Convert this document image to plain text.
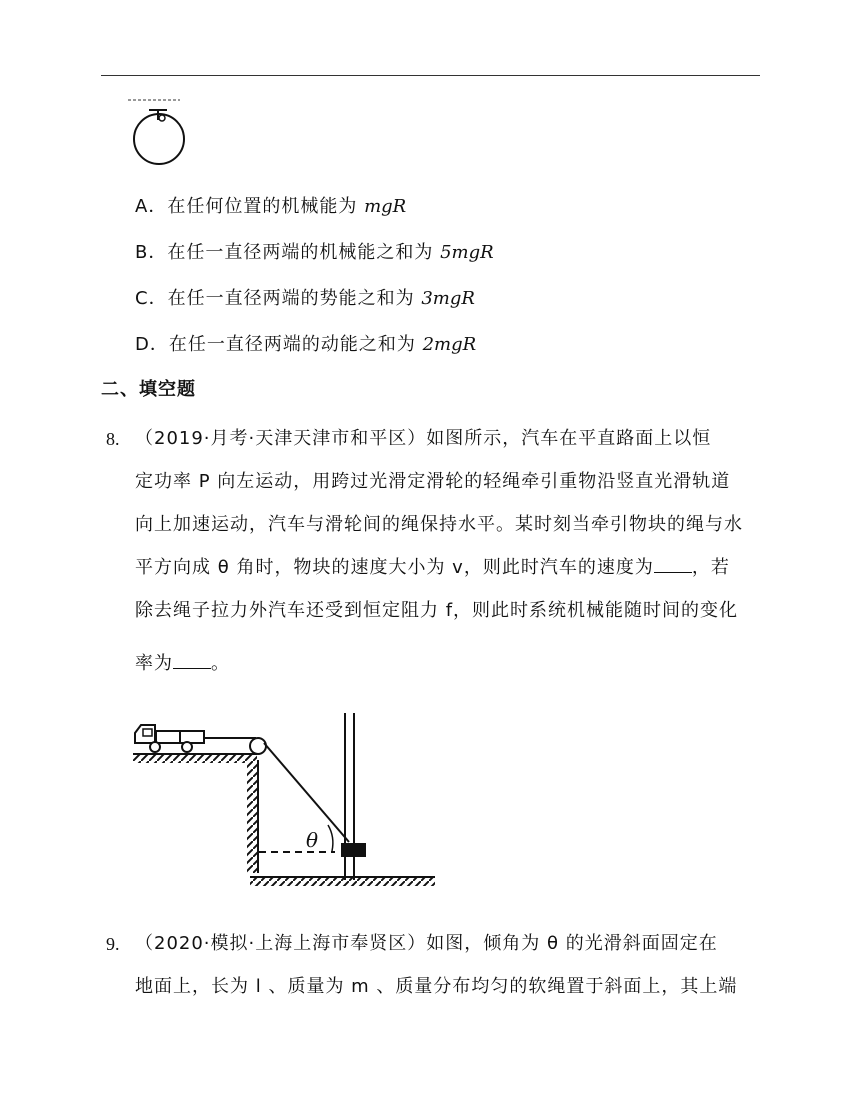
A．在任何位置的机械能为 mgR
B．在任一直径两端的机械能之和为 5mgR
C．在任一直径两端的势能之和为 3mgR
D．在任一直径两端的动能之和为 2mgR
二、填空题
8. （2019·月考·天津天津市和平区）如图所示，汽车在平直路面上以恒
定功率 P 向左运动，用跨过光滑定滑轮的轻绳牵引重物沿竖直光滑轨道
向上加速运动，汽车与滑轮间的绳保持水平。某时刻当牵引物块的绳与水
平方向成 θ 角时，物块的速度大小为 v，则此时汽车的速度为 ，若
除去绳子拉力外汽车还受到恒定阻力 f，则此时系统机械能随时间的变化
率为 。
θ
9. （2020·模拟·上海上海市奉贤区）如图，倾角为 θ 的光滑斜面固定在
地面上，长为 l 、质量为 m 、质量分布均匀的软绳置于斜面上，其上端
